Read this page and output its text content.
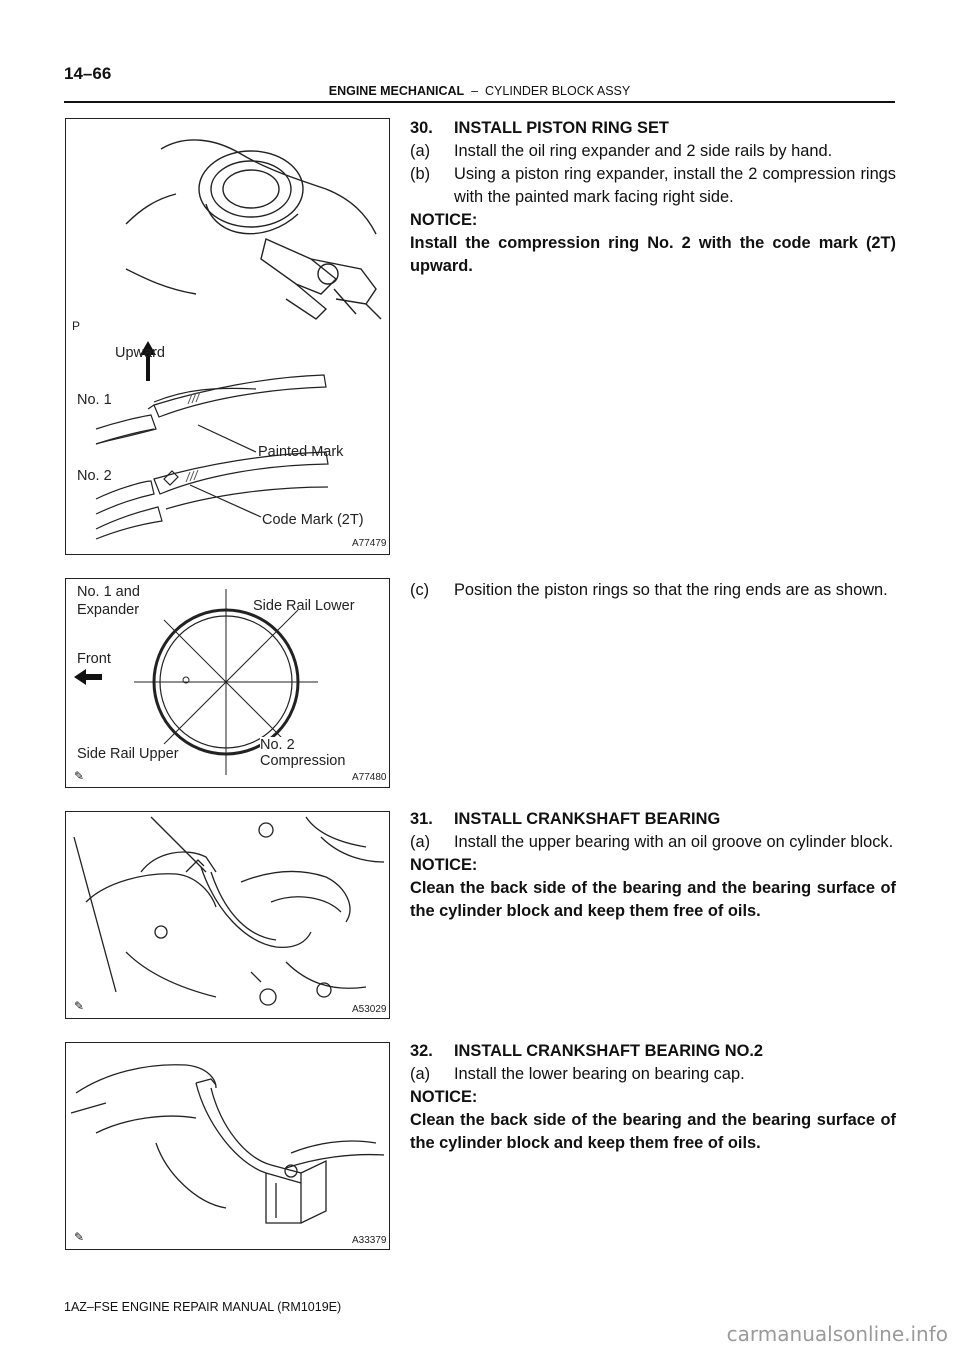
14–66
ENGINE MECHANICAL – CYLINDER BLOCK ASSY
P
Upward
No. 1
Painted Mark
No. 2
Code Mark (2T)
A77479
No. 1 and
Expander	Side Rail Lower
Front
Side Rail Upper
No. 2
Compression
✎	A77480
✎	A53029
✎	A33379
30.	INSTALL PISTON RING SET
(a)	Install the oil ring expander and 2 side rails by hand.
(b)	Using a piston ring expander, install the 2 compression rings with the painted mark facing right side.

NOTICE:

Install the compression ring No. 2 with the code mark (2T) upward.

(c)	Position the piston rings so that the ring ends are as shown.
31.	INSTALL CRANKSHAFT BEARING
(a)	Install the upper bearing with an oil groove on cylinder block.

NOTICE:

Clean the back side of the bearing and the bearing surface of the cylinder block and keep them free of oils.

32.	INSTALL CRANKSHAFT BEARING NO.2
(a)	Install the lower bearing on bearing cap.

NOTICE:

Clean the back side of the bearing and the bearing surface of the cylinder block and keep them free of oils.

1AZ–FSE ENGINE REPAIR MANUAL (RM1019E)
carmanualsonline.info
